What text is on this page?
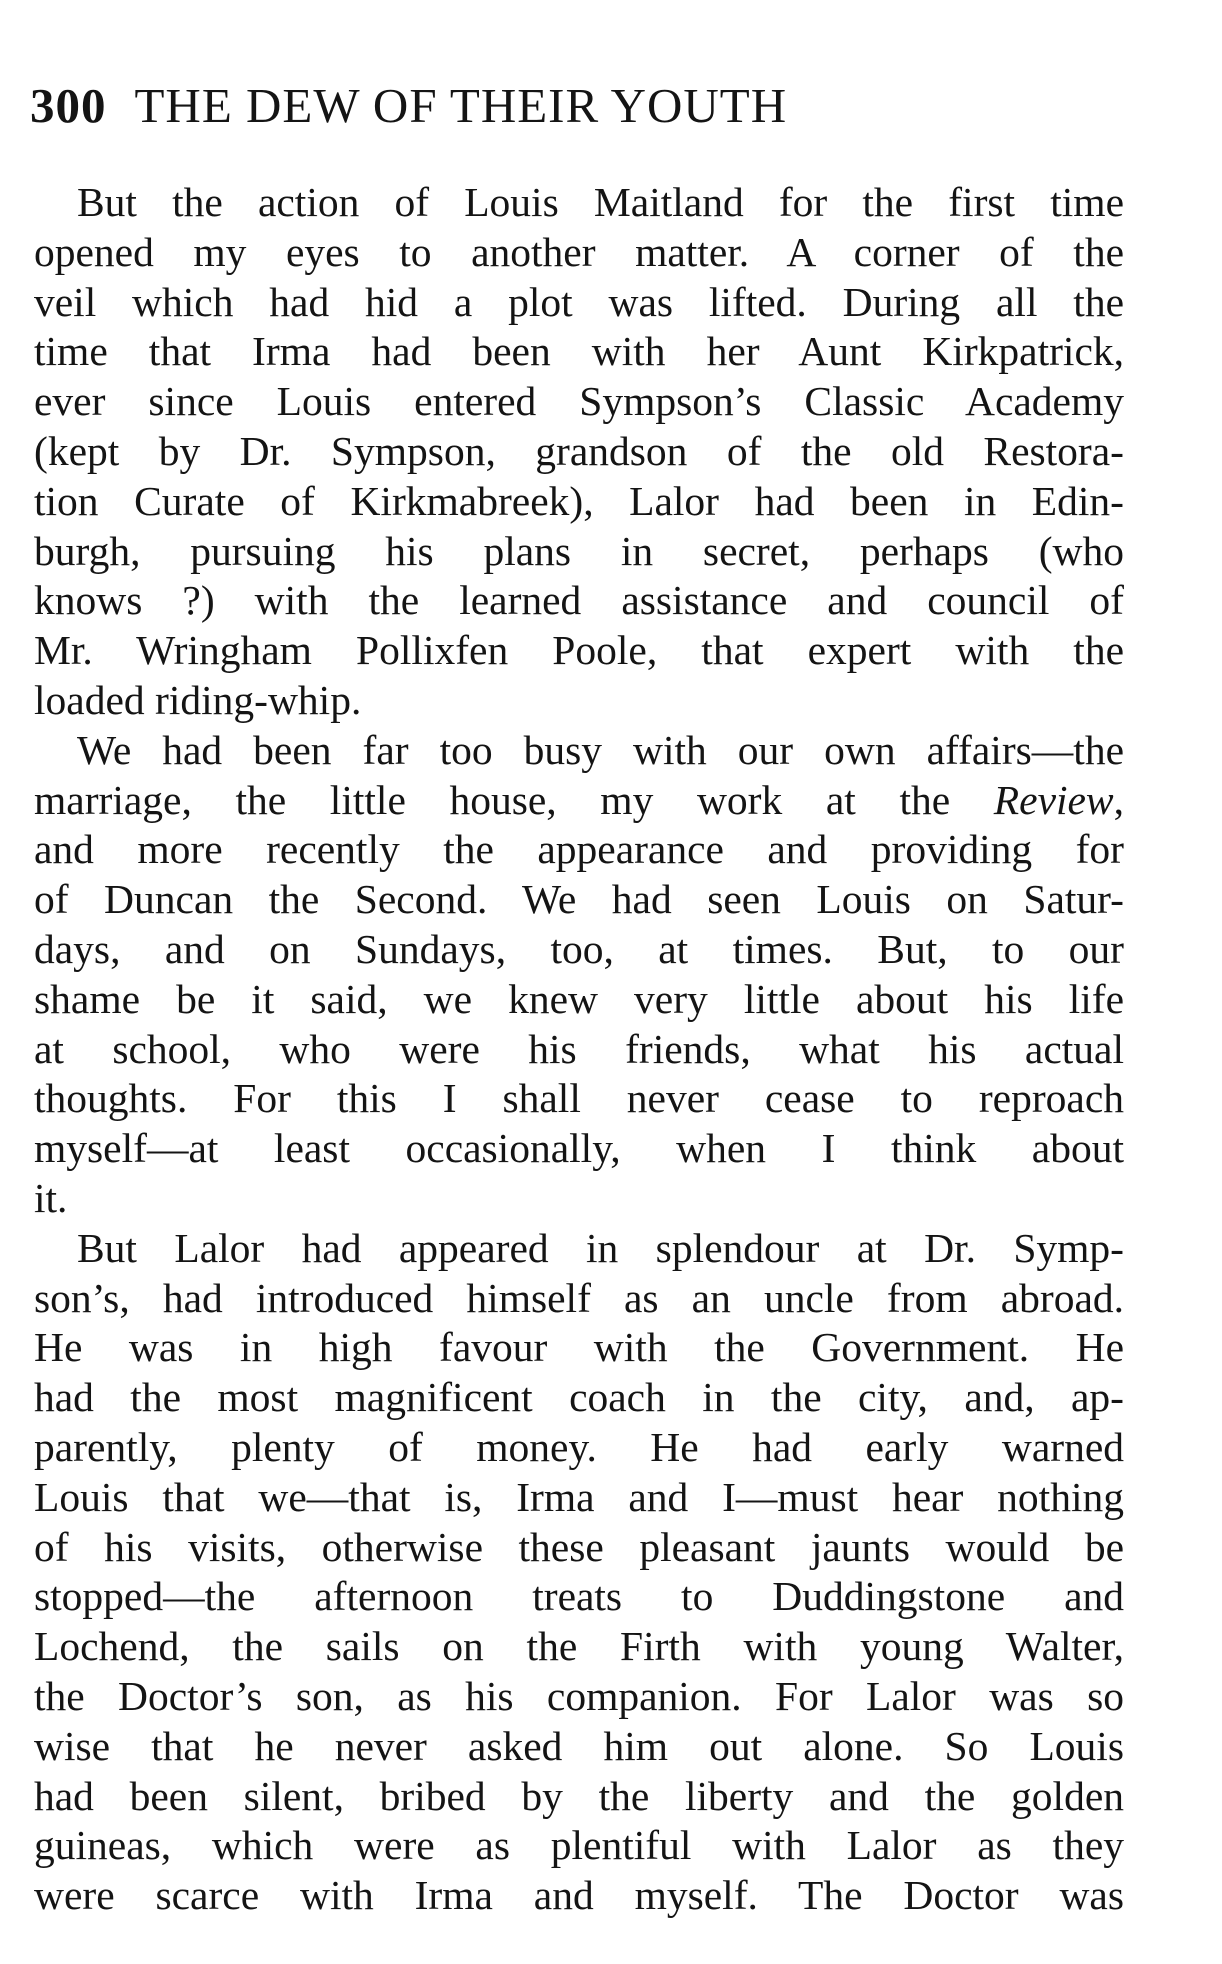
300 THE DEW OF THEIR YOUTH
But the action of Louis Maitland for the first time
opened my eyes to another matter. A corner of the
veil which had hid a plot was lifted. During all the
time that Irma had been with her Aunt Kirkpatrick,
ever since Louis entered Sympson’s Classic Academy
(kept by Dr. Sympson, grandson of the old Restora-
tion Curate of Kirkmabreek), Lalor had been in Edin-
burgh, pursuing his plans in secret, perhaps (who
knows ?) with the learned assistance and council of
Mr. Wringham Pollixfen Poole, that expert with the
loaded riding-whip.
We had been far too busy with our own affairs—the
marriage, the little house, my work at the Review,
and more recently the appearance and providing for
of Duncan the Second. We had seen Louis on Satur-
days, and on Sundays, too, at times. But, to our
shame be it said, we knew very little about his life
at school, who were his friends, what his actual
thoughts. For this I shall never cease to reproach
myself—at least occasionally, when I think about
it.
But Lalor had appeared in splendour at Dr. Symp-
son’s, had introduced himself as an uncle from abroad.
He was in high favour with the Government. He
had the most magnificent coach in the city, and, ap-
parently, plenty of money. He had early warned
Louis that we—that is, Irma and I—must hear nothing
of his visits, otherwise these pleasant jaunts would be
stopped—the afternoon treats to Duddingstone and
Lochend, the sails on the Firth with young Walter,
the Doctor’s son, as his companion. For Lalor was so
wise that he never asked him out alone. So Louis
had been silent, bribed by the liberty and the golden
guineas, which were as plentiful with Lalor as they
were scarce with Irma and myself. The Doctor was
